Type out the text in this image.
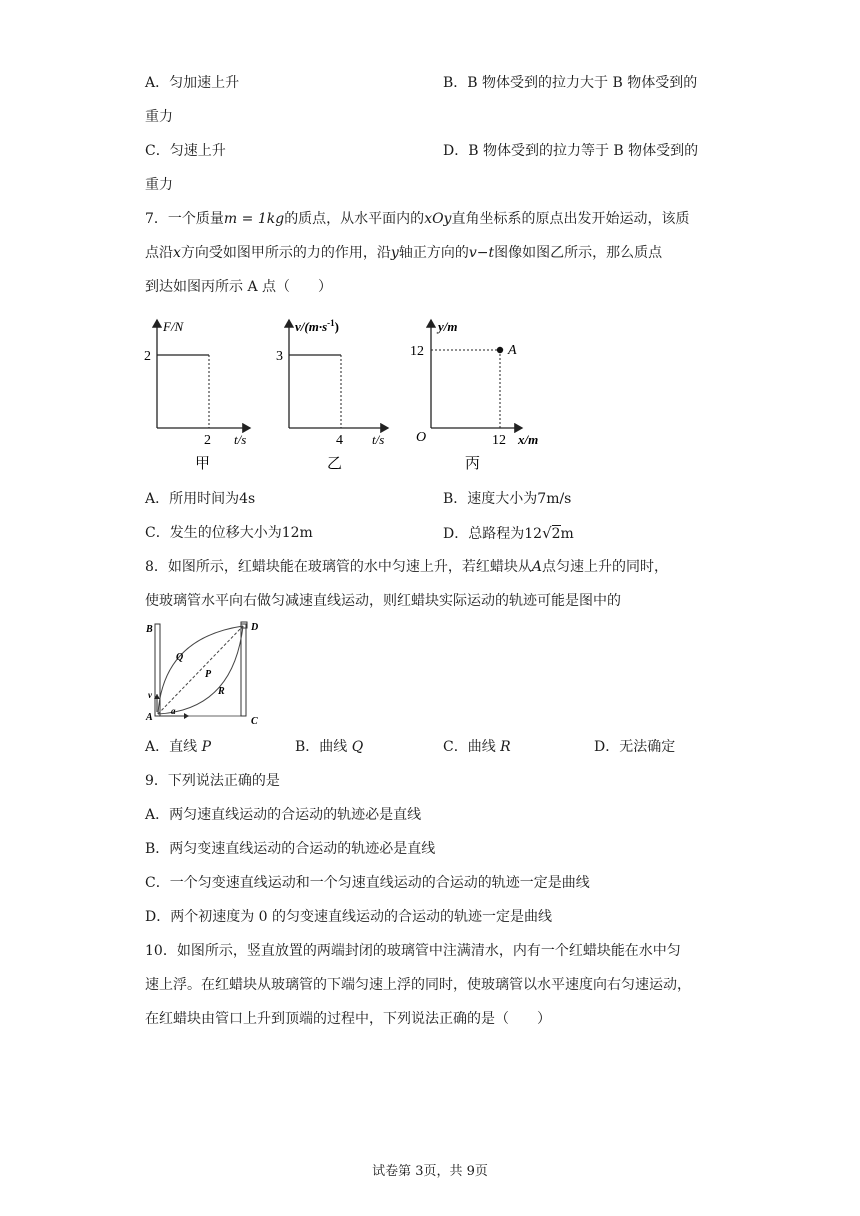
A．匀加速上升	B．B 物体受到的拉力大于 B 物体受到的
重力
C．匀速上升	D．B 物体受到的拉力等于 B 物体受到的
重力
7．一个质量m = 1kg的质点，从水平面内的xOy直角坐标系的原点出发开始运动，该质
点沿x方向受如图甲所示的力的作用，沿y轴正方向的v−t图像如图乙所示，那么质点
到达如图丙所示 A 点（　　）
F/N
2
2 t/s
甲
$v/(m\cdot s^{-1})$
3
4 t/s
乙
A
y/m
12
O	12 x/m
丙
A．所用时间为4s	B．速度大小为7m/s
C．发生的位移大小为12m	D．总路程为12√2m
8．如图所示，红蜡块能在玻璃管的水中匀速上升，若红蜡块从A点匀速上升的同时，
使玻璃管水平向右做匀减速直线运动，则红蜡块实际运动的轨迹可能是图中的
B	D
Q
P
R
v
A
a
C
A．直线 P	B．曲线 Q	C．曲线 R	D．无法确定
9．下列说法正确的是
A．两匀速直线运动的合运动的轨迹必是直线
B．两匀变速直线运动的合运动的轨迹必是直线
C．一个匀变速直线运动和一个匀速直线运动的合运动的轨迹一定是曲线
D．两个初速度为 0 的匀变速直线运动的合运动的轨迹一定是曲线
10．如图所示，竖直放置的两端封闭的玻璃管中注满清水，内有一个红蜡块能在水中匀
速上浮。在红蜡块从玻璃管的下端匀速上浮的同时，使玻璃管以水平速度向右匀速运动，
在红蜡块由管口上升到顶端的过程中，下列说法正确的是（　　）
试卷第 3页，共 9页
